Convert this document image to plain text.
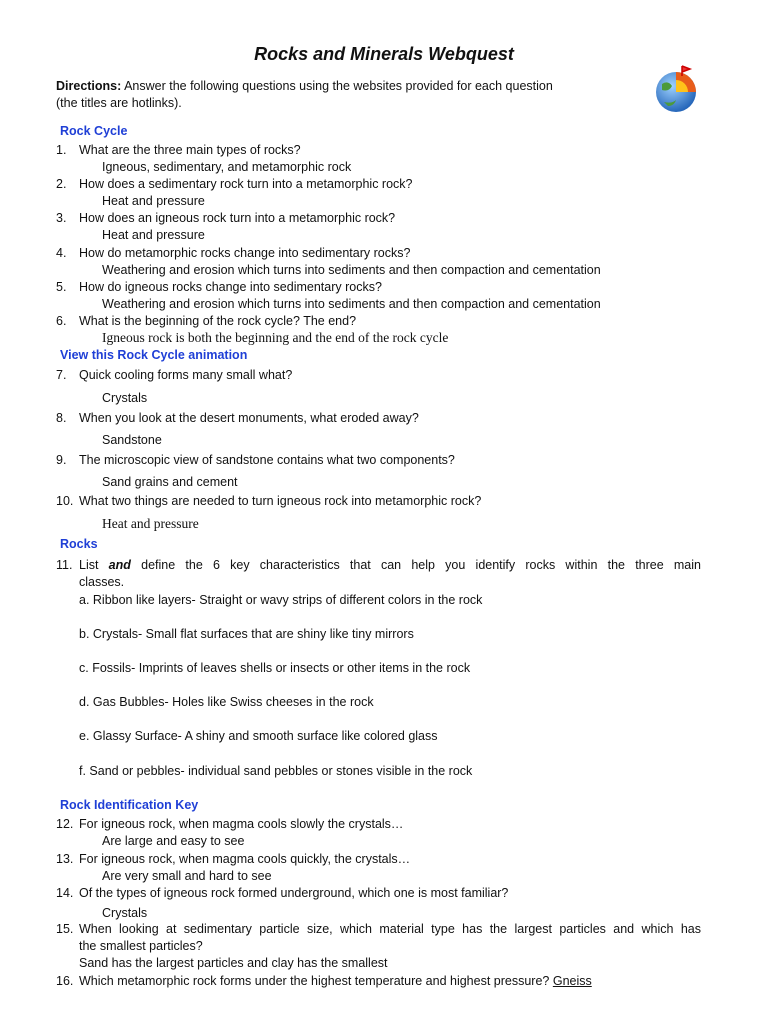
Rocks and Minerals Webquest
Directions: Answer the following questions using the websites provided for each question
(the titles are hotlinks).
Rock Cycle
1. What are the three main types of rocks?
Igneous, sedimentary, and metamorphic rock
2. How does a sedimentary rock turn into a metamorphic rock?
Heat and pressure
3. How does an igneous rock turn into a metamorphic rock?
Heat and pressure
4. How do metamorphic rocks change into sedimentary rocks?
Weathering and erosion which turns into sediments and then compaction and cementation
5. How do igneous rocks change into sedimentary rocks?
Weathering and erosion which turns into sediments and then compaction and cementation
6. What is the beginning of the rock cycle? The end?
Igneous rock is both the beginning and the end of the rock cycle
View this Rock Cycle animation
7. Quick cooling forms many small what?
Crystals
8. When you look at the desert monuments, what eroded away?
Sandstone
9. The microscopic view of sandstone contains what two components?
Sand grains and cement
10. What two things are needed to turn igneous rock into metamorphic rock?
Heat and pressure
Rocks
11. List and define the 6 key characteristics that can help you identify rocks within the three main
classes.
a. Ribbon like layers- Straight or wavy strips of different colors in the rock
b. Crystals- Small flat surfaces that are shiny like tiny mirrors
c. Fossils- Imprints of leaves shells or insects or other items in the rock
d. Gas Bubbles- Holes like Swiss cheeses in the rock
e. Glassy Surface- A shiny and smooth surface like colored glass
f. Sand or pebbles- individual sand pebbles or stones visible in the rock
Rock Identification Key
12. For igneous rock, when magma cools slowly the crystals…
Are large and easy to see
13. For igneous rock, when magma cools quickly, the crystals…
Are very small and hard to see
14. Of the types of igneous rock formed underground, which one is most familiar?
Crystals
15. When looking at sedimentary particle size, which material type has the largest particles and which has
the smallest particles?
Sand has the largest particles and clay has the smallest
16. Which metamorphic rock forms under the highest temperature and highest pressure? Gneiss
